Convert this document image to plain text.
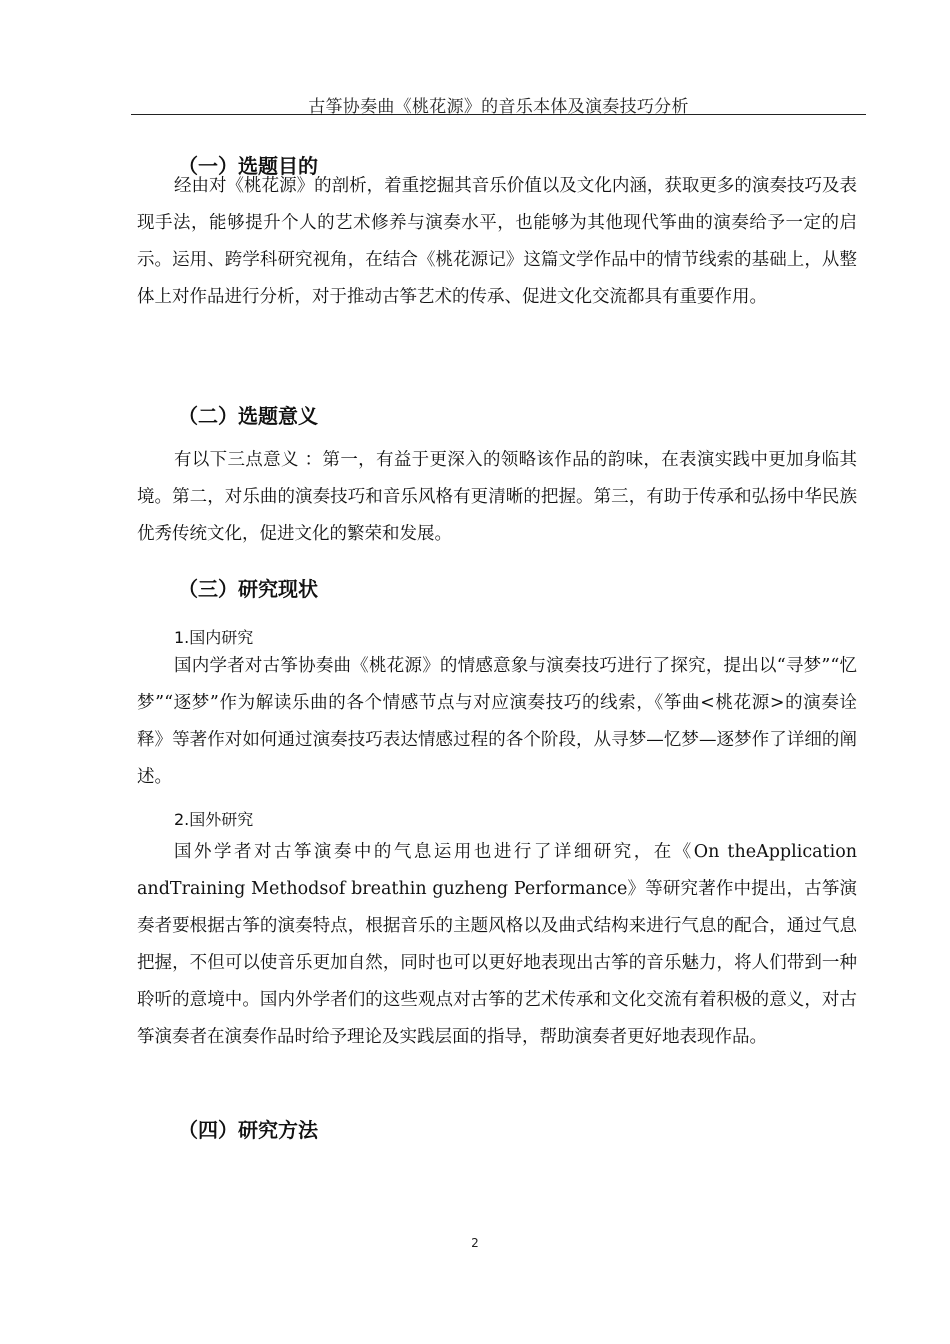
古筝协奏曲《桃花源》的音乐本体及演奏技巧分析
（一）选题目的

经由对《桃花源》的剖析，着重挖掘其音乐价值以及文化内涵，获取更多的演奏技巧及表现手法，能够提升个人的艺术修养与演奏水平，也能够为其他现代筝曲的演奏给予一定的启示。运用、跨学科研究视角，在结合《桃花源记》这篇文学作品中的情节线索的基础上，从整体上对作品进行分析，对于推动古筝艺术的传承、促进文化交流都具有重要作用。

（二）选题意义

有以下三点意义 ：第一，有益于更深入的领略该作品的韵味，在表演实践中更加身临其境。第二，对乐曲的演奏技巧和音乐风格有更清晰的把握。第三，有助于传承和弘扬中华民族优秀传统文化，促进文化的繁荣和发展。

（三）研究现状
1.国内研究

国内学者对古筝协奏曲《桃花源》的情感意象与演奏技巧进行了探究，提出以“寻梦”“忆梦”“逐梦”作为解读乐曲的各个情感节点与对应演奏技巧的线索，《筝曲<桃花源>的演奏诠释》等著作对如何通过演奏技巧表达情感过程的各个阶段，从寻梦—忆梦—逐梦作了详细的阐述。

2.国外研究

国外学者对古筝演奏中的气息运用也进行了详细研究，在《On theApplication andTraining Methodsof breathin guzheng Performance》等研究著作中提出，古筝演奏者要根据古筝的演奏特点，根据音乐的主题风格以及曲式结构来进行气息的配合，通过气息把握，不但可以使音乐更加自然，同时也可以更好地表现出古筝的音乐魅力，将人们带到一种聆听的意境中。国内外学者们的这些观点对古筝的艺术传承和文化交流有着积极的意义，对古筝演奏者在演奏作品时给予理论及实践层面的指导，帮助演奏者更好地表现作品。

（四）研究方法
2
